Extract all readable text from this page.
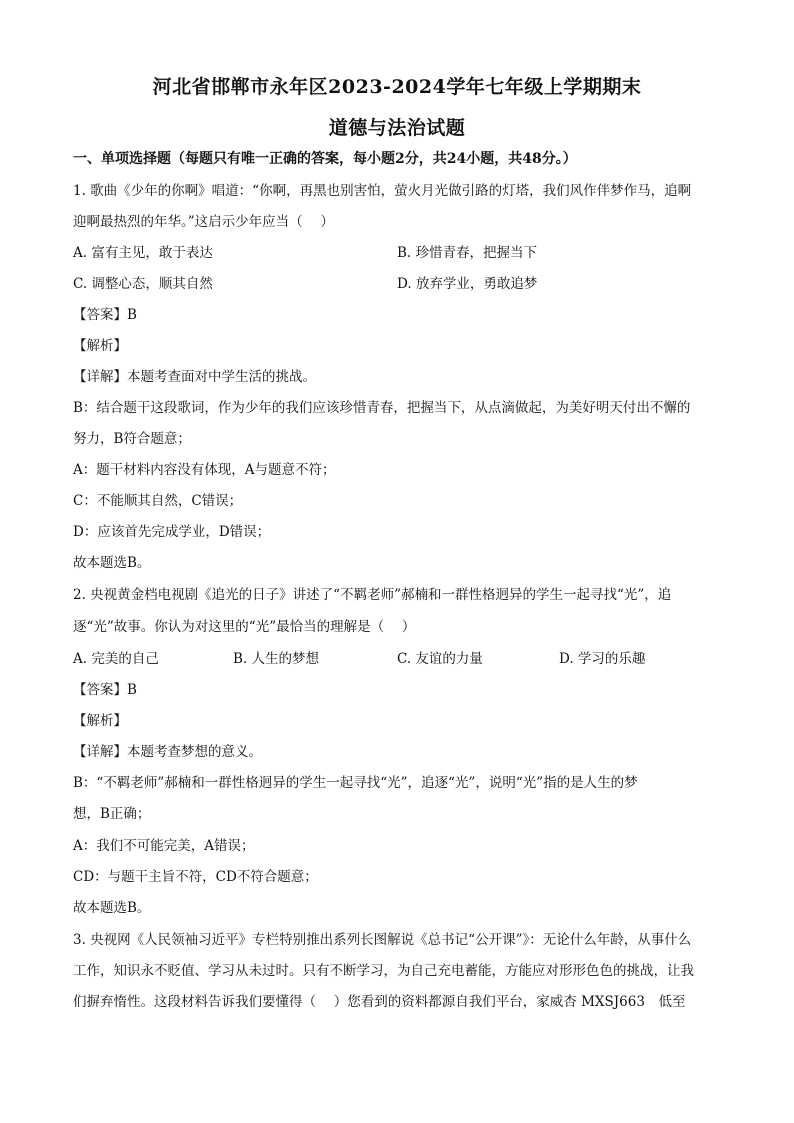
河北省邯郸市永年区2023-2024学年七年级上学期期末
道德与法治试题
一、单项选择题（每题只有唯一正确的答案，每小题2分，共24小题，共48分。）
1. 歌曲《少年的你啊》唱道：“你啊，再黑也别害怕，萤火月光做引路的灯塔，我们风作伴梦作马，追啊
迎啊最热烈的年华。”这启示少年应当（　 ）
A. 富有主见，敢于表达	B. 珍惜青春，把握当下
C. 调整心态，顺其自然	D. 放弃学业，勇敢追梦
【答案】B
【解析】
【详解】本题考查面对中学生活的挑战。
B：结合题干这段歌词，作为少年的我们应该珍惜青春，把握当下，从点滴做起，为美好明天付出不懈的
努力，B符合题意；
A：题干材料内容没有体现，A与题意不符；
C：不能顺其自然，C错误；
D：应该首先完成学业，D错误；
故本题选B。
2. 央视黄金档电视剧《追光的日子》讲述了“不羁老师”郝楠和一群性格迥异的学生一起寻找“光”，追
逐“光”故事。你认为对这里的“光”最恰当的理解是（　 ）
A. 完美的自己	B. 人生的梦想	C. 友谊的力量	D. 学习的乐趣
【答案】B
【解析】
【详解】本题考查梦想的意义。
B：“不羁老师”郝楠和一群性格迥异的学生一起寻找“光”，追逐“光”，说明“光”指的是人生的梦
想，B正确；
A：我们不可能完美，A错误；
CD：与题干主旨不符，CD不符合题意；
故本题选B。
3. 央视网《人民领袖习近平》专栏特别推出系列长图解说《总书记“公开课”》：无论什么年龄，从事什么
工作，知识永不贬值、学习从未过时。只有不断学习，为自己充电蓄能，方能应对形形色色的挑战，让我
们摒弃惰性。这段材料告诉我们要懂得（　 ）您看到的资料都源自我们平台，家威杏 MXSJ663　低至
